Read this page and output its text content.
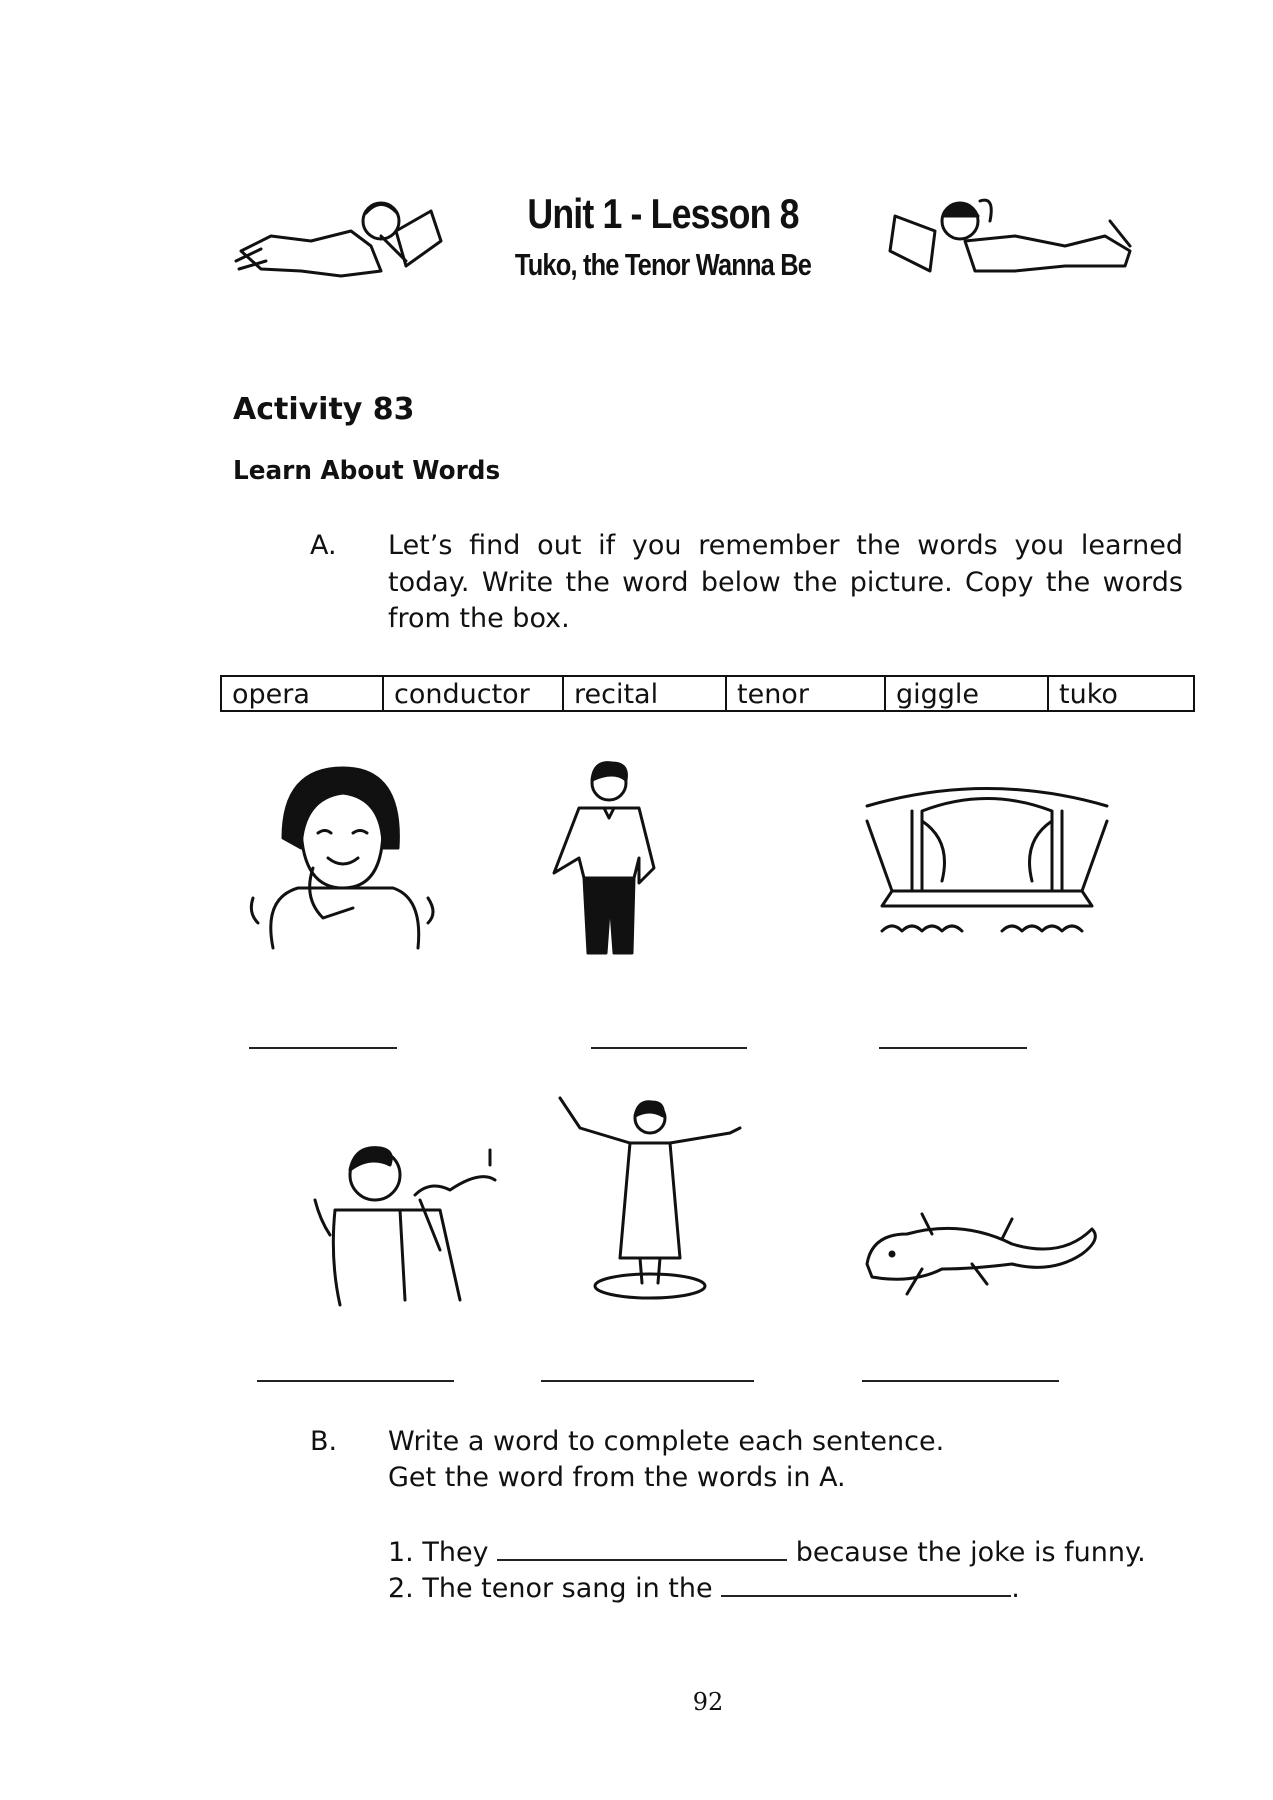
Unit 1 - Lesson 8
Tuko, the Tenor Wanna Be
Activity 83
Learn About Words
A. Let’s find out if you remember the words you learned today. Write the word below the picture. Copy the words from the box.
opera	conductor	recital	tenor	giggle	tuko
B. Write a word to complete each sentence.
Get the word from the words in A.
1. They	because the joke is funny.
2. The tenor sang in the	.
92
